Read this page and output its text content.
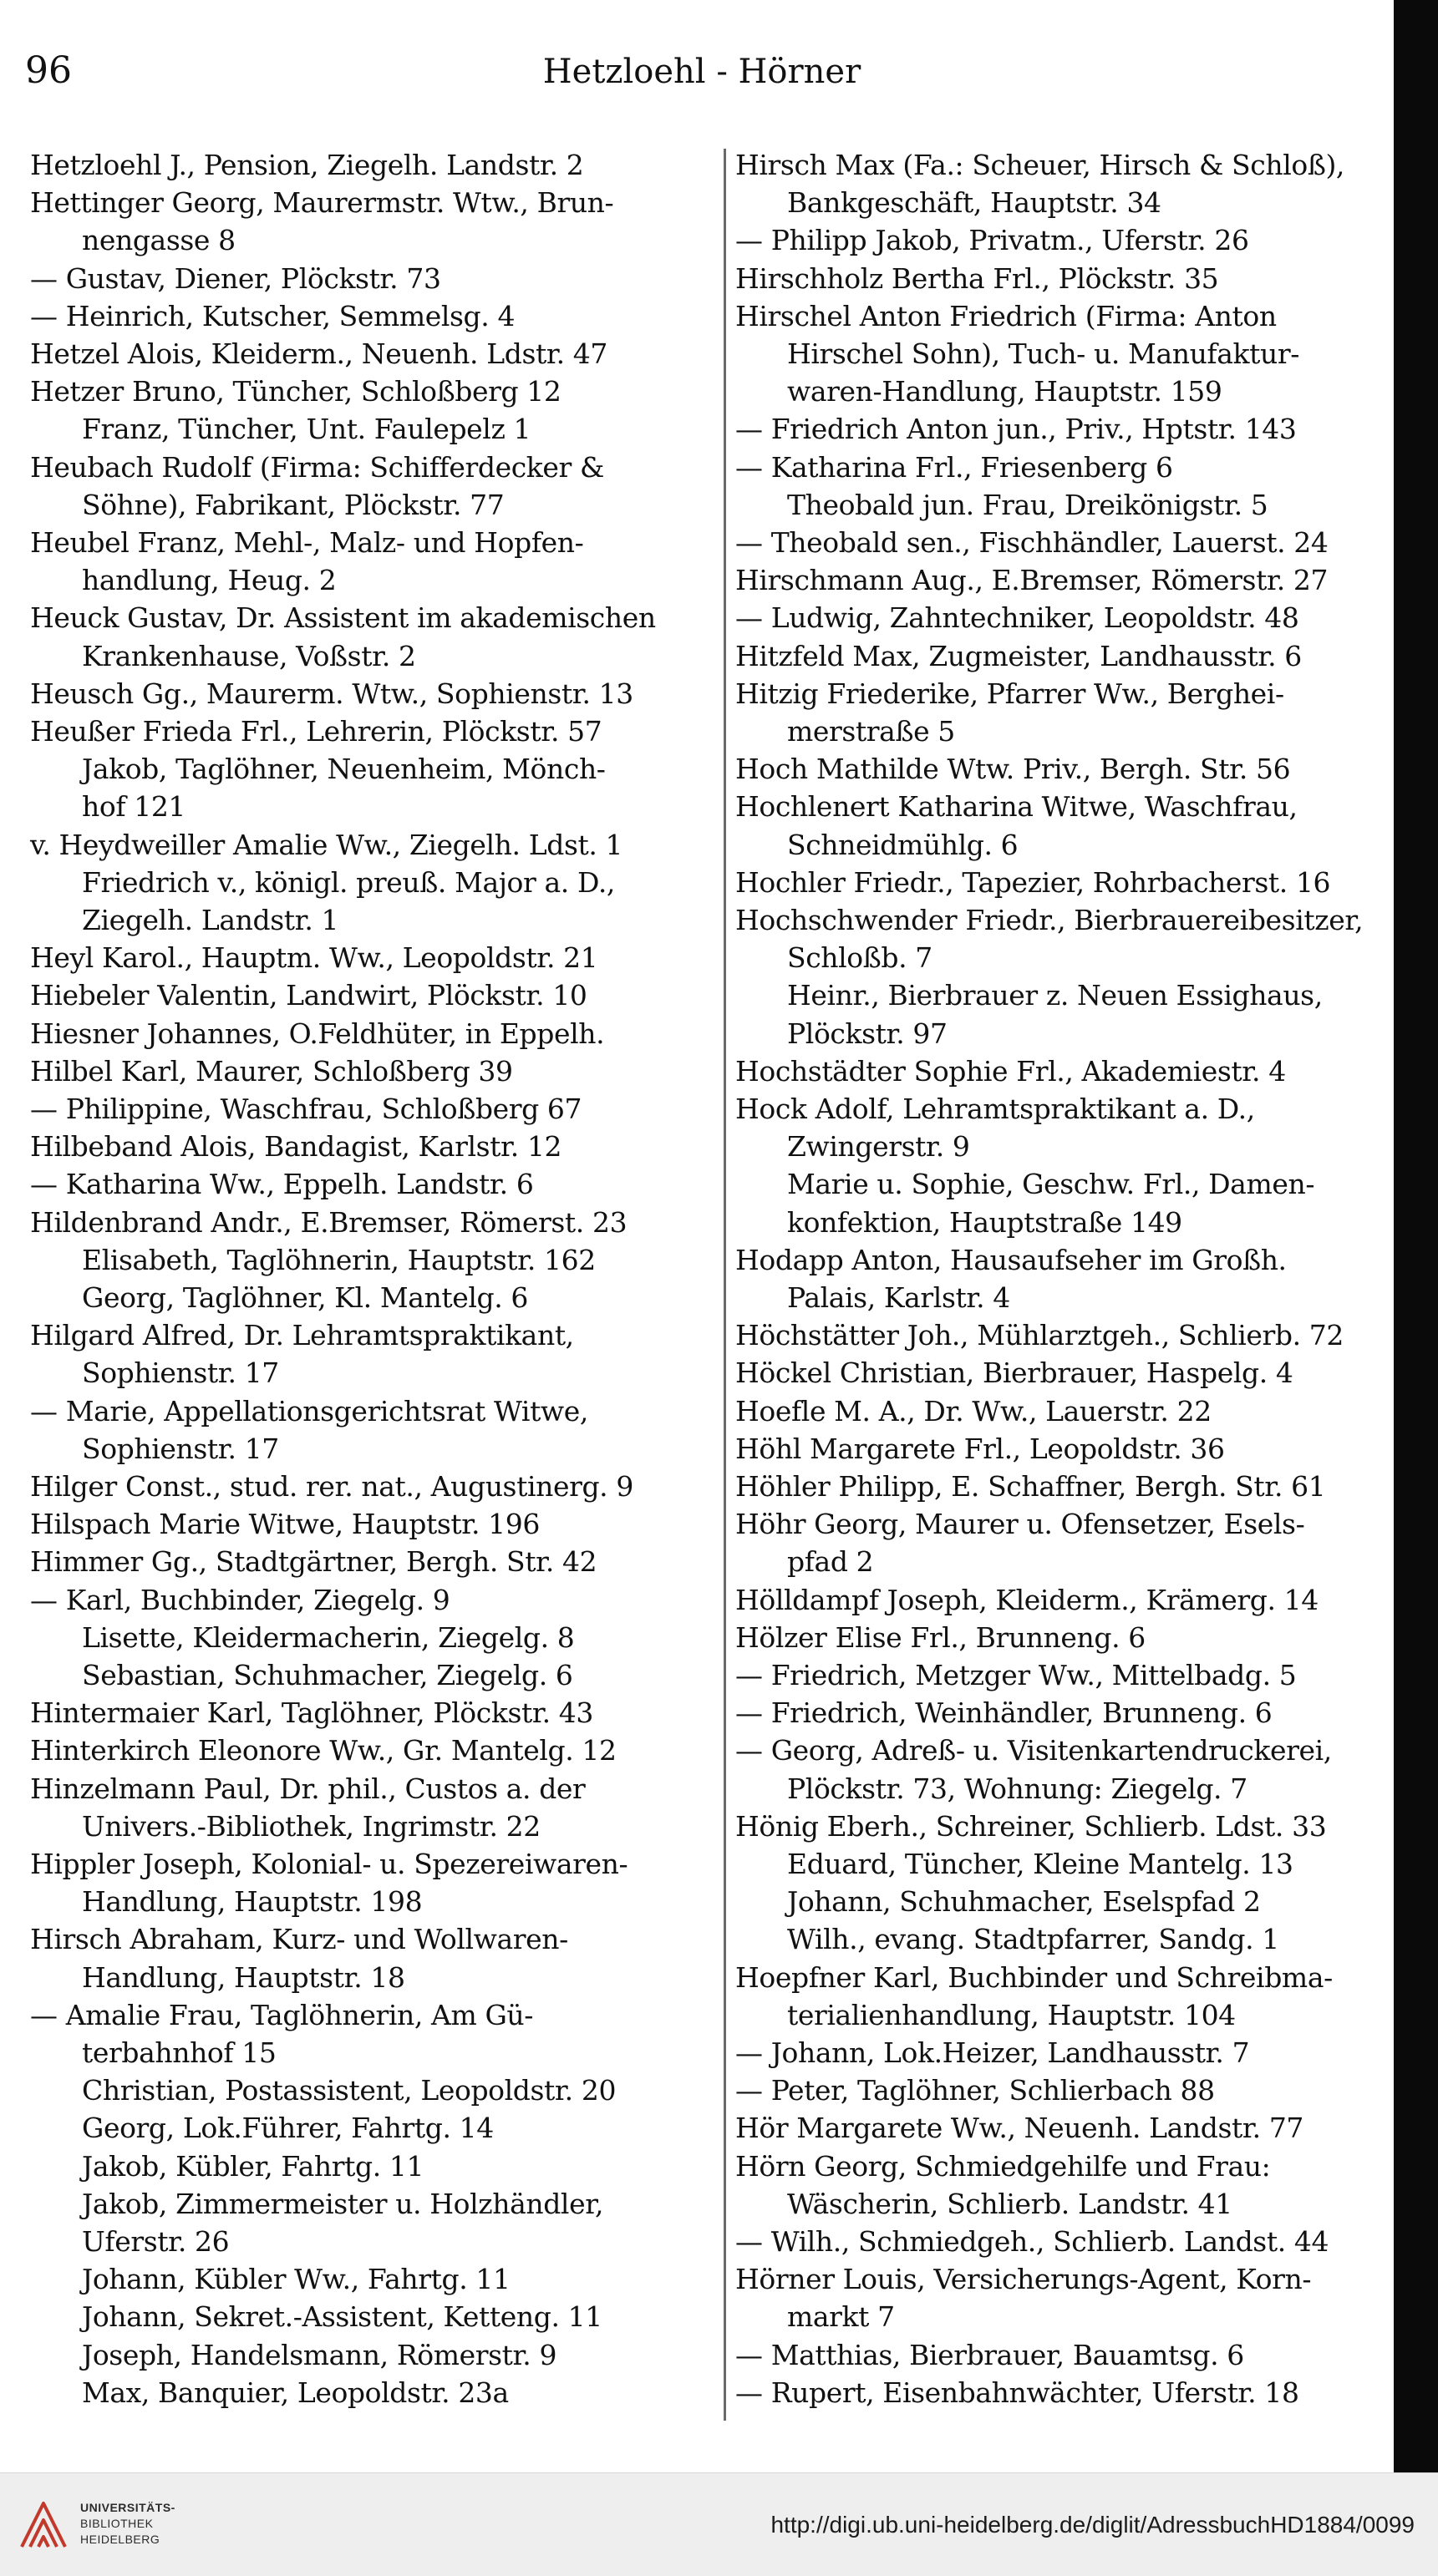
96	Hetzloehl - Hörner
Hetzloehl J., Pension, Ziegelh. Landstr. 2
Hettinger Georg, Maurermstr. Wtw., Brun-
nengasse 8
— Gustav, Diener, Plöckstr. 73
— Heinrich, Kutscher, Semmelsg. 4
Hetzel Alois, Kleiderm., Neuenh. Ldstr. 47
Hetzer Bruno, Tüncher, Schloßberg 12
Franz, Tüncher, Unt. Faulepelz 1
Heubach Rudolf (Firma: Schifferdecker &
Söhne), Fabrikant, Plöckstr. 77
Heubel Franz, Mehl-, Malz- und Hopfen-
handlung, Heug. 2
Heuck Gustav, Dr. Assistent im akademischen
Krankenhause, Voßstr. 2
Heusch Gg., Maurerm. Wtw., Sophienstr. 13
Heußer Frieda Frl., Lehrerin, Plöckstr. 57
Jakob, Taglöhner, Neuenheim, Mönch-
hof 121
v. Heydweiller Amalie Ww., Ziegelh. Ldst. 1
Friedrich v., königl. preuß. Major a. D.,
Ziegelh. Landstr. 1
Heyl Karol., Hauptm. Ww., Leopoldstr. 21
Hiebeler Valentin, Landwirt, Plöckstr. 10
Hiesner Johannes, O.Feldhüter, in Eppelh.
Hilbel Karl, Maurer, Schloßberg 39
— Philippine, Waschfrau, Schloßberg 67
Hilbeband Alois, Bandagist, Karlstr. 12
— Katharina Ww., Eppelh. Landstr. 6
Hildenbrand Andr., E.Bremser, Römerst. 23
Elisabeth, Taglöhnerin, Hauptstr. 162
Georg, Taglöhner, Kl. Mantelg. 6
Hilgard Alfred, Dr. Lehramtspraktikant,
Sophienstr. 17
— Marie, Appellationsgerichtsrat Witwe,
Sophienstr. 17
Hilger Const., stud. rer. nat., Augustinerg. 9
Hilspach Marie Witwe, Hauptstr. 196
Himmer Gg., Stadtgärtner, Bergh. Str. 42
— Karl, Buchbinder, Ziegelg. 9
Lisette, Kleidermacherin, Ziegelg. 8
Sebastian, Schuhmacher, Ziegelg. 6
Hintermaier Karl, Taglöhner, Plöckstr. 43
Hinterkirch Eleonore Ww., Gr. Mantelg. 12
Hinzelmann Paul, Dr. phil., Custos a. der
Univers.-Bibliothek, Ingrimstr. 22
Hippler Joseph, Kolonial- u. Spezereiwaren-
Handlung, Hauptstr. 198
Hirsch Abraham, Kurz- und Wollwaren-
Handlung, Hauptstr. 18
— Amalie Frau, Taglöhnerin, Am Gü-
terbahnhof 15
Christian, Postassistent, Leopoldstr. 20
Georg, Lok.Führer, Fahrtg. 14
Jakob, Kübler, Fahrtg. 11
Jakob, Zimmermeister u. Holzhändler,
Uferstr. 26
Johann, Kübler Ww., Fahrtg. 11
Johann, Sekret.-Assistent, Ketteng. 11
Joseph, Handelsmann, Römerstr. 9
Max, Banquier, Leopoldstr. 23a
Hirsch Max (Fa.: Scheuer, Hirsch & Schloß),
Bankgeschäft, Hauptstr. 34
— Philipp Jakob, Privatm., Uferstr. 26
Hirschholz Bertha Frl., Plöckstr. 35
Hirschel Anton Friedrich (Firma: Anton
Hirschel Sohn), Tuch- u. Manufaktur-
waren-Handlung, Hauptstr. 159
— Friedrich Anton jun., Priv., Hptstr. 143
— Katharina Frl., Friesenberg 6
Theobald jun. Frau, Dreikönigstr. 5
— Theobald sen., Fischhändler, Lauerst. 24
Hirschmann Aug., E.Bremser, Römerstr. 27
— Ludwig, Zahntechniker, Leopoldstr. 48
Hitzfeld Max, Zugmeister, Landhausstr. 6
Hitzig Friederike, Pfarrer Ww., Berghei-
merstraße 5
Hoch Mathilde Wtw. Priv., Bergh. Str. 56
Hochlenert Katharina Witwe, Waschfrau,
Schneidmühlg. 6
Hochler Friedr., Tapezier, Rohrbacherst. 16
Hochschwender Friedr., Bierbrauereibesitzer,
Schloßb. 7
Heinr., Bierbrauer z. Neuen Essighaus,
Plöckstr. 97
Hochstädter Sophie Frl., Akademiestr. 4
Hock Adolf, Lehramtspraktikant a. D.,
Zwingerstr. 9
Marie u. Sophie, Geschw. Frl., Damen-
konfektion, Hauptstraße 149
Hodapp Anton, Hausaufseher im Großh.
Palais, Karlstr. 4
Höchstätter Joh., Mühlarztgeh., Schlierb. 72
Höckel Christian, Bierbrauer, Haspelg. 4
Hoefle M. A., Dr. Ww., Lauerstr. 22
Höhl Margarete Frl., Leopoldstr. 36
Höhler Philipp, E. Schaffner, Bergh. Str. 61
Höhr Georg, Maurer u. Ofensetzer, Esels-
pfad 2
Hölldampf Joseph, Kleiderm., Krämerg. 14
Hölzer Elise Frl., Brunneng. 6
— Friedrich, Metzger Ww., Mittelbadg. 5
— Friedrich, Weinhändler, Brunneng. 6
— Georg, Adreß- u. Visitenkartendruckerei,
Plöckstr. 73, Wohnung: Ziegelg. 7
Hönig Eberh., Schreiner, Schlierb. Ldst. 33
Eduard, Tüncher, Kleine Mantelg. 13
Johann, Schuhmacher, Eselspfad 2
Wilh., evang. Stadtpfarrer, Sandg. 1
Hoepfner Karl, Buchbinder und Schreibma-
terialienhandlung, Hauptstr. 104
— Johann, Lok.Heizer, Landhausstr. 7
— Peter, Taglöhner, Schlierbach 88
Hör Margarete Ww., Neuenh. Landstr. 77
Hörn Georg, Schmiedgehilfe und Frau:
Wäscherin, Schlierb. Landstr. 41
— Wilh., Schmiedgeh., Schlierb. Landst. 44
Hörner Louis, Versicherungs-Agent, Korn-
markt 7
— Matthias, Bierbrauer, Bauamtsg. 6
— Rupert, Eisenbahnwächter, Uferstr. 18
UNIVERSITÄTS-
BIBLIOTHEK
HEIDELBERG
http://digi.ub.uni-heidelberg.de/diglit/AdressbuchHD1884/0099
